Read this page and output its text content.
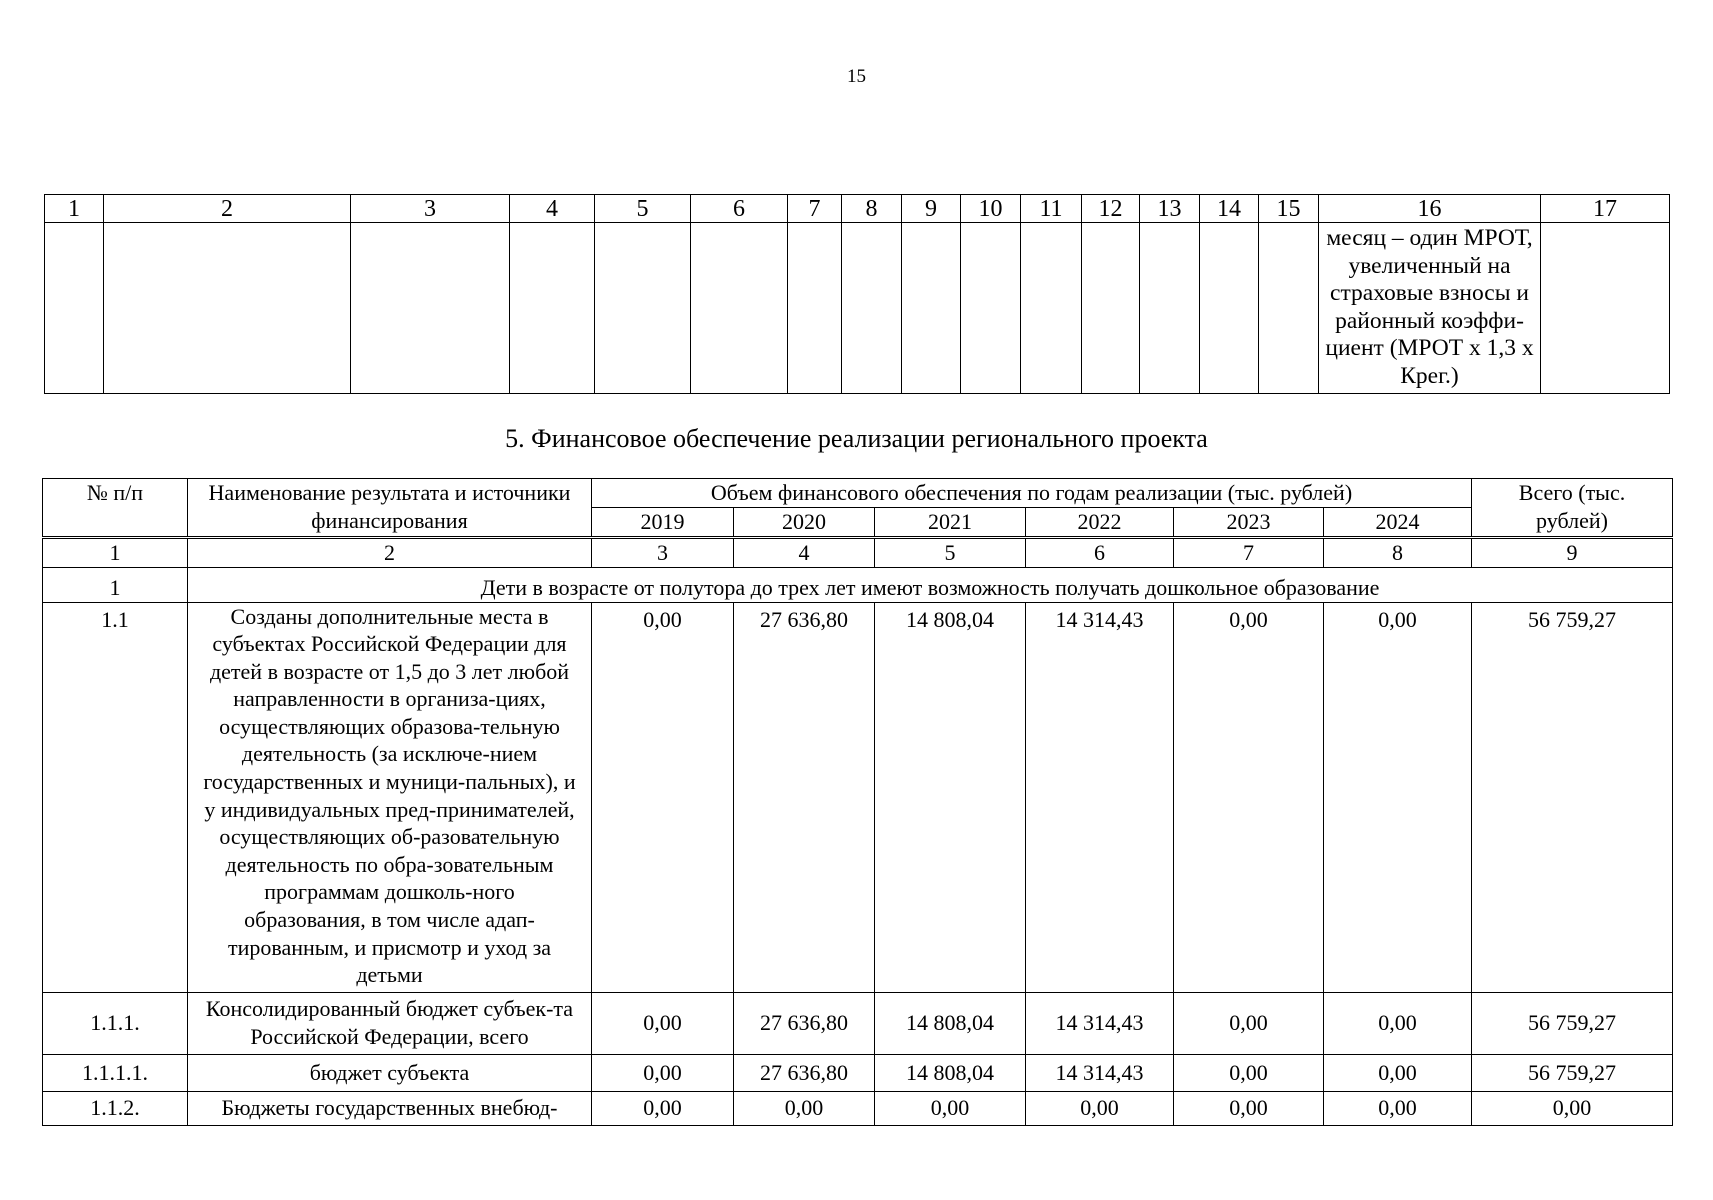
15
1	2	3	4	5	6	7	8	9	10	11	12	13	14	15	16	17
															месяц – один МРОТ, увеличенный на страховые взносы и районный коэффи-циент (МРОТ х 1,3 х Крег.)	
5. Финансовое обеспечение реализации регионального проекта
№ п/п	Наименование результата и источники финансирования	Объем финансового обеспечения по годам реализации (тыс. рублей)						Всего (тыс. рублей)
		2019	2020	2021	2022	2023	2024	
1	2	3	4	5	6	7	8	9
1	Дети в возрасте от полутора до трех лет имеют возможность получать дошкольное образование							
1.1	Созданы дополнительные места в субъектах Российской Федерации для детей в возрасте от 1,5 до 3 лет любой направленности в организа-циях, осуществляющих образова-тельную деятельность (за исключе-нием государственных и муници-пальных), и у индивидуальных пред-принимателей, осуществляющих об-разовательную деятельность по обра-зовательным программам дошколь-ного образования, в том числе адап-тированным, и присмотр и уход за детьми	0,00	27 636,80	14 808,04	14 314,43	0,00	0,00	56 759,27
1.1.1.	Консолидированный бюджет субъек-та Российской Федерации, всего	0,00	27 636,80	14 808,04	14 314,43	0,00	0,00	56 759,27
1.1.1.1.	бюджет субъекта	0,00	27 636,80	14 808,04	14 314,43	0,00	0,00	56 759,27
1.1.2.	Бюджеты государственных внебюд-	0,00	0,00	0,00	0,00	0,00	0,00	0,00
